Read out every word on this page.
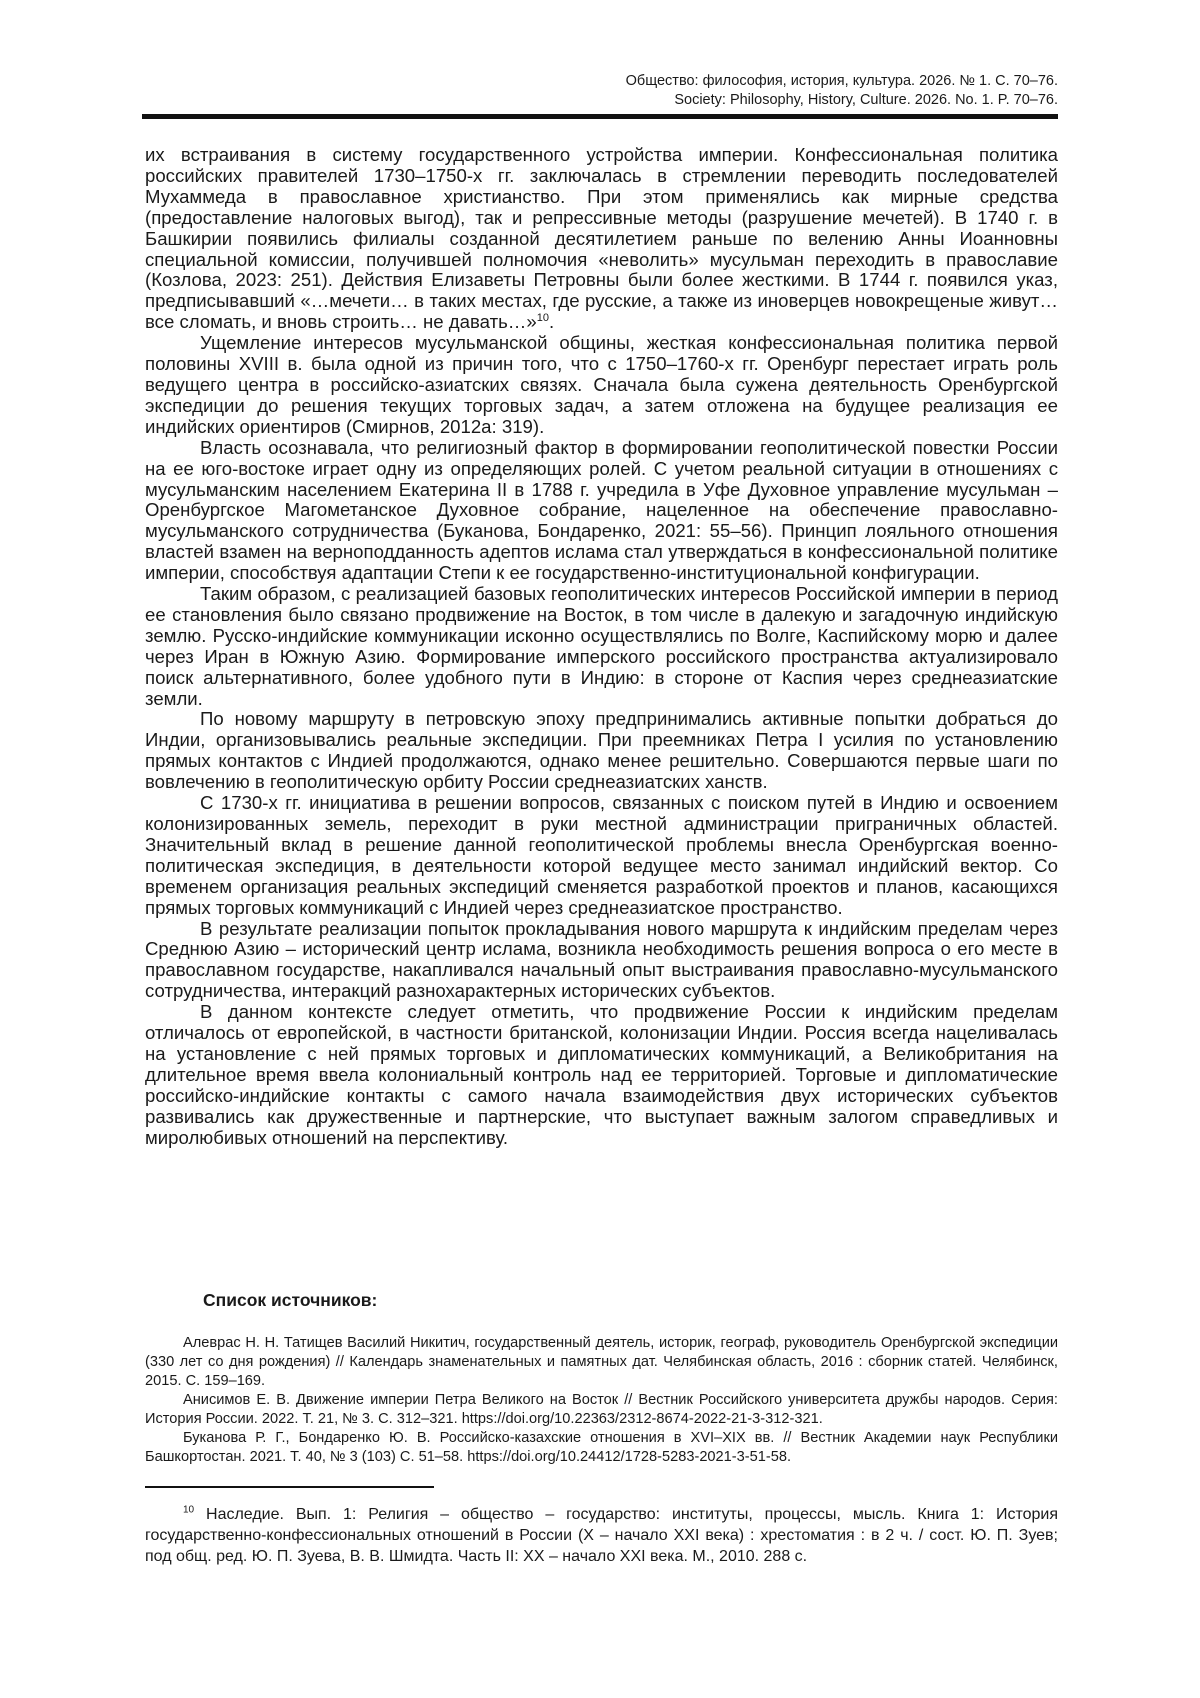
Общество: философия, история, культура. 2026. № 1. С. 70–76.
Society: Philosophy, History, Culture. 2026. No. 1. P. 70–76.

их встраивания в систему государственного устройства империи. Конфессиональная политика российских правителей 1730–1750-х гг. заключалась в стремлении переводить последователей Мухаммеда в православное христианство. При этом применялись как мирные средства (предоставление налоговых выгод), так и репрессивные методы (разрушение мечетей). В 1740 г. в Башкирии появились филиалы созданной десятилетием раньше по велению Анны Иоанновны специальной комиссии, получившей полномочия «неволить» мусульман переходить в православие (Козлова, 2023: 251). Действия Елизаветы Петровны были более жесткими. В 1744 г. появился указ, предписывавший «…мечети… в таких местах, где русские, а также из иноверцев новокрещеные живут… все сломать, и вновь строить… не давать…»$^{10}$.

Ущемление интересов мусульманской общины, жесткая конфессиональная политика первой половины XVIII в. была одной из причин того, что с 1750–1760-х гг. Оренбург перестает играть роль ведущего центра в российско-азиатских связях. Сначала была сужена деятельность Оренбургской экспедиции до решения текущих торговых задач, а затем отложена на будущее реализация ее индийских ориентиров (Смирнов, 2012а: 319).

Власть осознавала, что религиозный фактор в формировании геополитической повестки России на ее юго-востоке играет одну из определяющих ролей. С учетом реальной ситуации в отношениях с мусульманским населением Екатерина II в 1788 г. учредила в Уфе Духовное управление мусульман – Оренбургское Магометанское Духовное собрание, нацеленное на обеспечение православно-мусульманского сотрудничества (Буканова, Бондаренко, 2021: 55–56). Принцип лояльного отношения властей взамен на верноподданность адептов ислама стал утверждаться в конфессиональной политике империи, способствуя адаптации Степи к ее государственно-институциональной конфигурации.

Таким образом, с реализацией базовых геополитических интересов Российской империи в период ее становления было связано продвижение на Восток, в том числе в далекую и загадочную индийскую землю. Русско-индийские коммуникации исконно осуществлялись по Волге, Каспийскому морю и далее через Иран в Южную Азию. Формирование имперского российского пространства актуализировало поиск альтернативного, более удобного пути в Индию: в стороне от Каспия через среднеазиатские земли.

По новому маршруту в петровскую эпоху предпринимались активные попытки добраться до Индии, организовывались реальные экспедиции. При преемниках Петра I усилия по установлению прямых контактов с Индией продолжаются, однако менее решительно. Совершаются первые шаги по вовлечению в геополитическую орбиту России среднеазиатских ханств.

С 1730-х гг. инициатива в решении вопросов, связанных с поиском путей в Индию и освоением колонизированных земель, переходит в руки местной администрации приграничных областей. Значительный вклад в решение данной геополитической проблемы внесла Оренбургская военно-политическая экспедиция, в деятельности которой ведущее место занимал индийский вектор. Со временем организация реальных экспедиций сменяется разработкой проектов и планов, касающихся прямых торговых коммуникаций с Индией через среднеазиатское пространство.

В результате реализации попыток прокладывания нового маршрута к индийским пределам через Среднюю Азию – исторический центр ислама, возникла необходимость решения вопроса о его месте в православном государстве, накапливался начальный опыт выстраивания православно-мусульманского сотрудничества, интеракций разнохарактерных исторических субъектов.

В данном контексте следует отметить, что продвижение России к индийским пределам отличалось от европейской, в частности британской, колонизации Индии. Россия всегда нацеливалась на установление с ней прямых торговых и дипломатических коммуникаций, а Великобритания на длительное время ввела колониальный контроль над ее территорией. Торговые и дипломатические российско-индийские контакты с самого начала взаимодействия двух исторических субъектов развивались как дружественные и партнерские, что выступает важным залогом справедливых и миролюбивых отношений на перспективу.

Список источников:

Алеврас Н. Н. Татищев Василий Никитич, государственный деятель, историк, географ, руководитель Оренбургской экспедиции (330 лет со дня рождения) // Календарь знаменательных и памятных дат. Челябинская область, 2016 : сборник статей. Челябинск, 2015. С. 159–169.

Анисимов Е. В. Движение империи Петра Великого на Восток // Вестник Российского университета дружбы народов. Серия: История России. 2022. Т. 21, № 3. С. 312–321. https://doi.org/10.22363/2312-8674-2022-21-3-312-321.

Буканова Р. Г., Бондаренко Ю. В. Российско-казахские отношения в XVI–XIX вв. // Вестник Академии наук Республики Башкортостан. 2021. Т. 40, № 3 (103) С. 51–58. https://doi.org/10.24412/1728-5283-2021-3-51-58.

$^{10}$ Наследие. Вып. 1: Религия – общество – государство: институты, процессы, мысль. Книга 1: История государственно-конфессиональных отношений в России (X – начало XXI века) : хрестоматия : в 2 ч. / сост. Ю. П. Зуев; под общ. ред. Ю. П. Зуева, В. В. Шмидта. Часть II: XX – начало XXI века. М., 2010. 288 с.
